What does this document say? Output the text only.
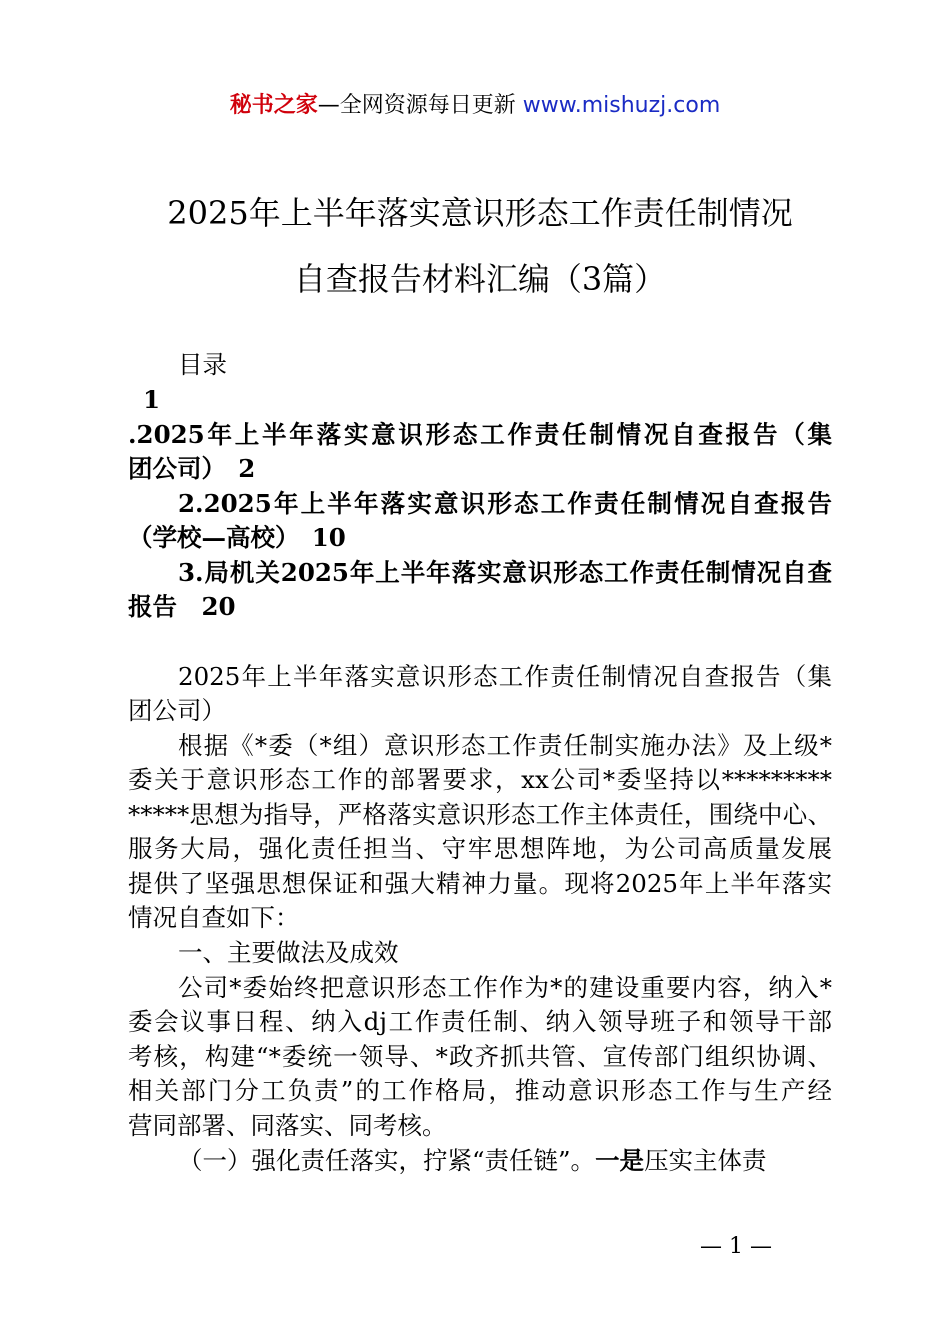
秘书之家—全网资源每日更新 www.mishuzj.com
2025年上半年落实意识形态工作责任制情况
自查报告材料汇编（3篇）
目录
1
.2025年上半年落实意识形态工作责任制情况自查报告（集
团公司）　2
2.2025年上半年落实意识形态工作责任制情况自查报告
（学校—高校）　10
3.局机关2025年上半年落实意识形态工作责任制情况自查
报告　20
2025年上半年落实意识形态工作责任制情况自查报告（集
团公司）
根据《*委（*组）意识形态工作责任制实施办法》及上级*
委关于意识形态工作的部署要求，xx公司*委坚持以*********
*****思想为指导，严格落实意识形态工作主体责任，围绕中心、
服务大局，强化责任担当、守牢思想阵地，为公司高质量发展
提供了坚强思想保证和强大精神力量。现将2025年上半年落实
情况自查如下：
一、主要做法及成效
公司*委始终把意识形态工作作为*的建设重要内容，纳入*
委会议事日程、纳入dj工作责任制、纳入领导班子和领导干部
考核，构建“*委统一领导、*政齐抓共管、宣传部门组织协调、
相关部门分工负责”的工作格局，推动意识形态工作与生产经
营同部署、同落实、同考核。
（一）强化责任落实，拧紧“责任链”。一是压实主体责
— 1 —
